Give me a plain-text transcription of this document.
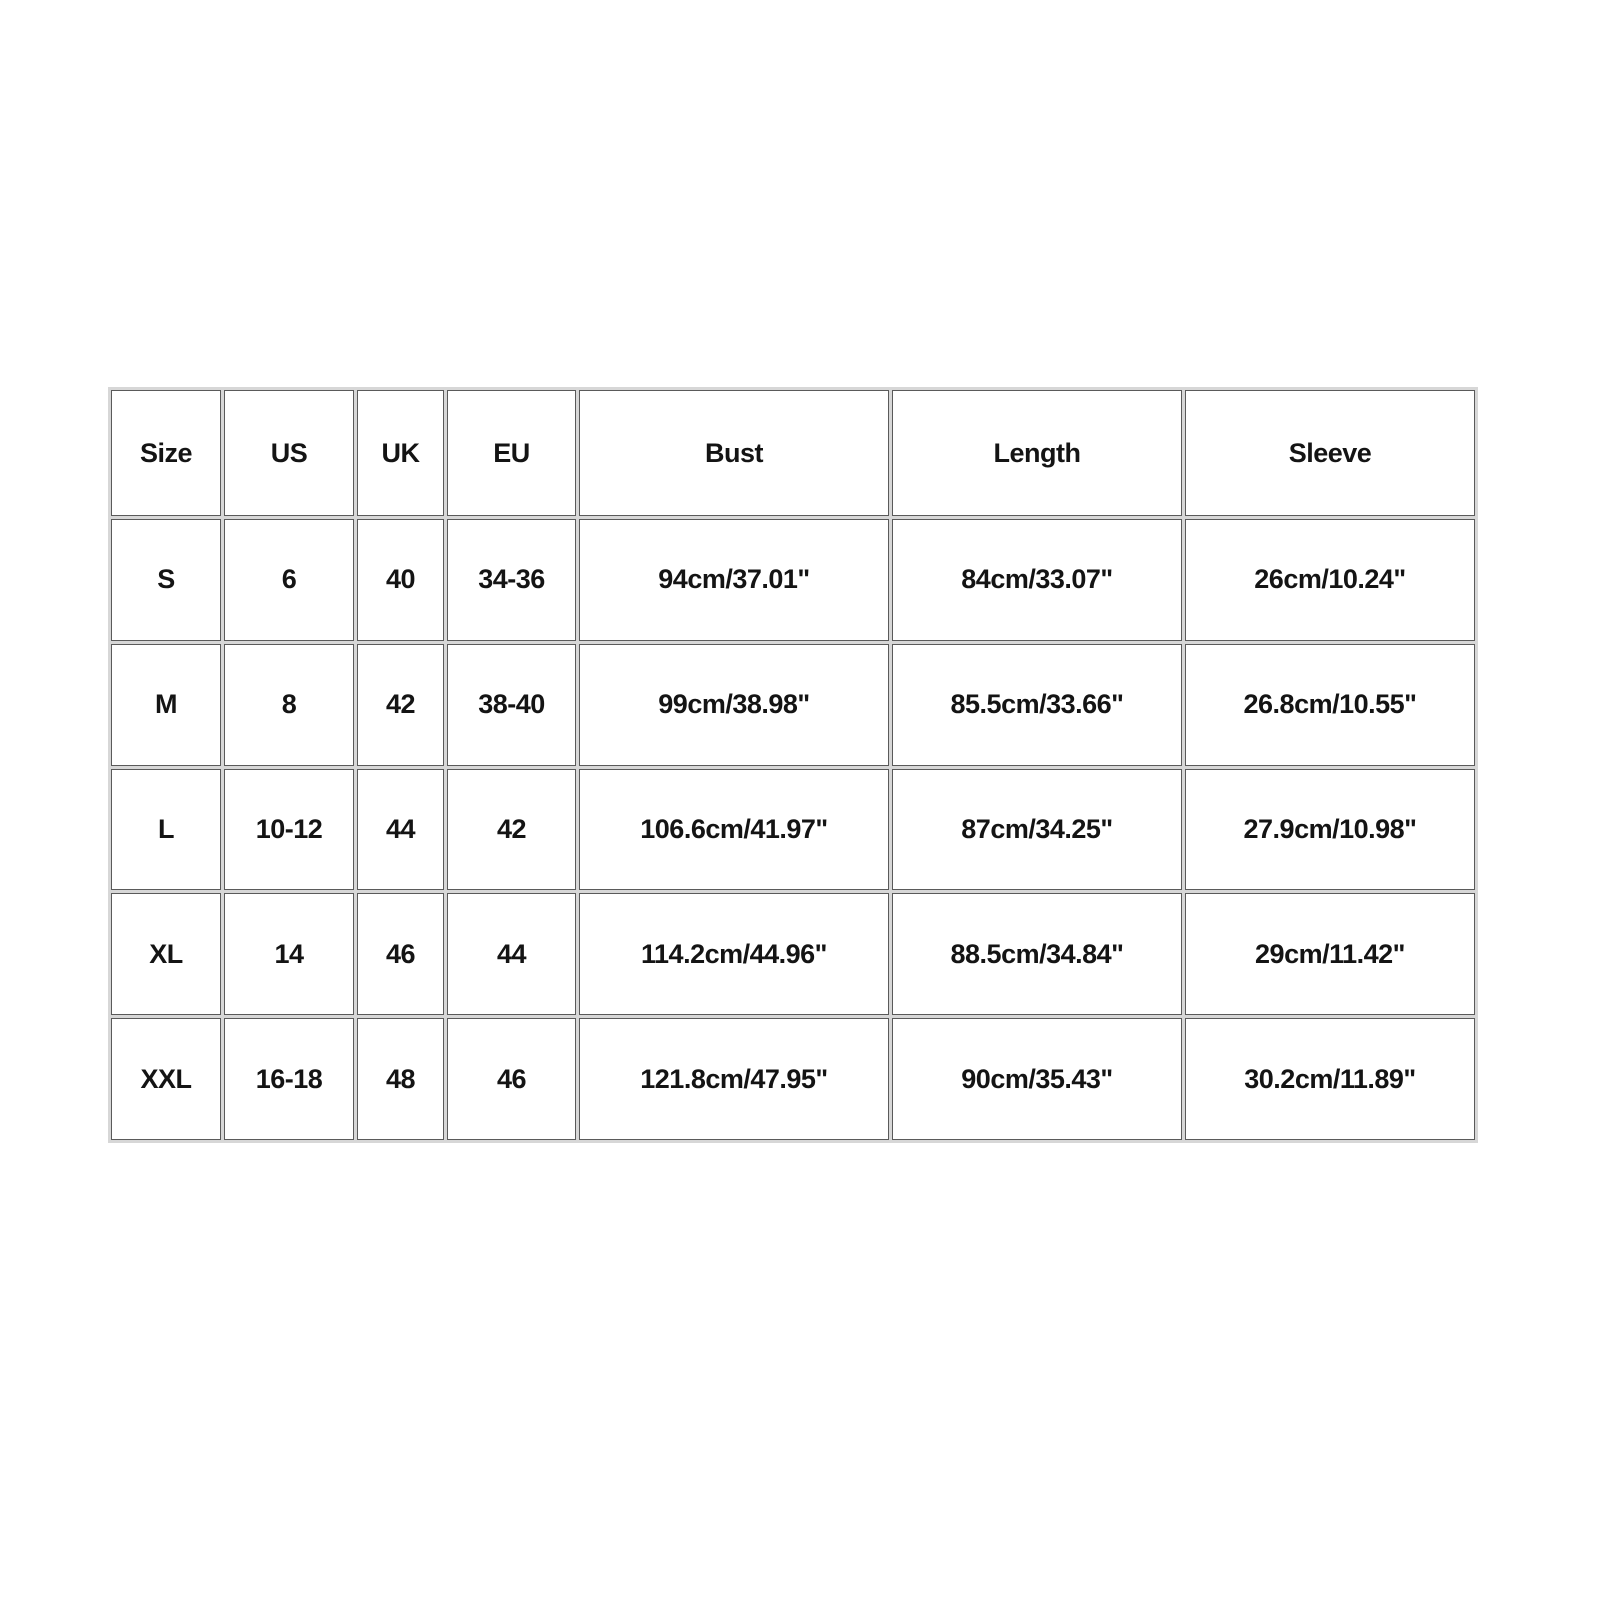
Size	US	UK	EU	Bust	Length	Sleeve
S	6	40	34-36	94cm/37.01"	84cm/33.07"	26cm/10.24"
M	8	42	38-40	99cm/38.98"	85.5cm/33.66"	26.8cm/10.55"
L	10-12	44	42	106.6cm/41.97"	87cm/34.25"	27.9cm/10.98"
XL	14	46	44	114.2cm/44.96"	88.5cm/34.84"	29cm/11.42"
XXL	16-18	48	46	121.8cm/47.95"	90cm/35.43"	30.2cm/11.89"
